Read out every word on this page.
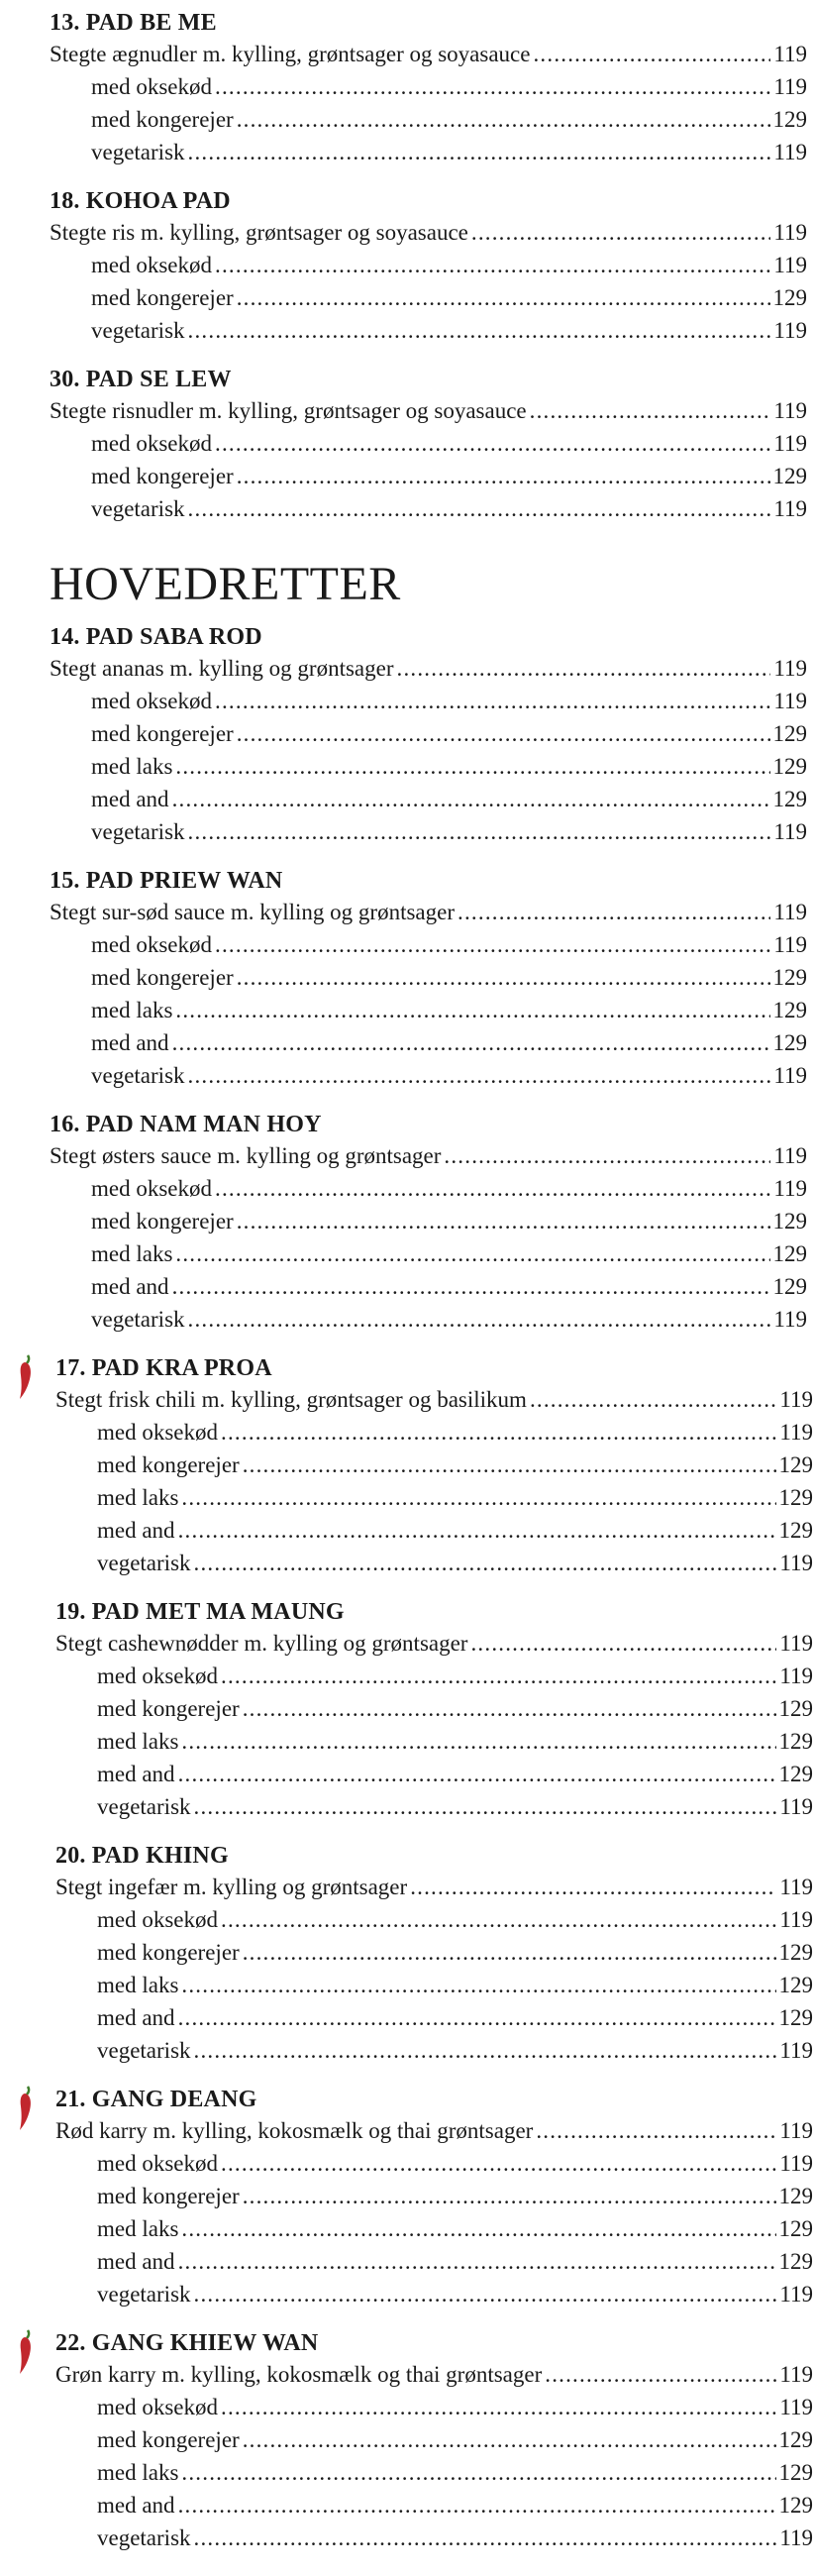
HOVEDRETTER
13. PAD BE ME
Stegte ægnudler m. kylling, grøntsager og soyasauce .....	119
med oksekød .....	119
med kongerejer .....	129
vegetarisk .....	119
18. KOHOA PAD
Stegte ris m. kylling, grøntsager og soyasauce .....	119
med oksekød .....	119
med kongerejer .....	129
vegetarisk .....	119
30. PAD SE LEW
Stegte risnudler m. kylling, grøntsager og soyasauce .....	119
med oksekød .....	119
med kongerejer .....	129
vegetarisk .....	119
14. PAD SABA ROD
Stegt ananas m. kylling og grøntsager .....	119
med oksekød .....	119
med kongerejer .....	129
med laks .....	129
med and .....	129
vegetarisk .....	119
15. PAD PRIEW WAN
Stegt sur-sød sauce m. kylling og grøntsager .....	119
med oksekød .....	119
med kongerejer .....	129
med laks .....	129
med and .....	129
vegetarisk .....	119
16. PAD NAM MAN HOY
Stegt østers sauce m. kylling og grøntsager .....	119
med oksekød .....	119
med kongerejer .....	129
med laks .....	129
med and .....	129
vegetarisk .....	119
17. PAD KRA PROA
Stegt frisk chili m. kylling, grøntsager og basilikum .....	119
med oksekød .....	119
med kongerejer .....	129
med laks .....	129
med and .....	129
vegetarisk .....	119
19. PAD MET MA MAUNG
Stegt cashewnødder m. kylling og grøntsager .....	119
med oksekød .....	119
med kongerejer .....	129
med laks .....	129
med and .....	129
vegetarisk .....	119
20. PAD KHING
Stegt ingefær m. kylling og grøntsager .....	119
med oksekød .....	119
med kongerejer .....	129
med laks .....	129
med and .....	129
vegetarisk .....	119
21. GANG DEANG
Rød karry m. kylling, kokosmælk og thai grøntsager .....	119
med oksekød .....	119
med kongerejer .....	129
med laks .....	129
med and .....	129
vegetarisk .....	119
22. GANG KHIEW WAN
Grøn karry m. kylling, kokosmælk og thai grøntsager .....	119
med oksekød .....	119
med kongerejer .....	129
med laks .....	129
med and .....	129
vegetarisk .....	119
